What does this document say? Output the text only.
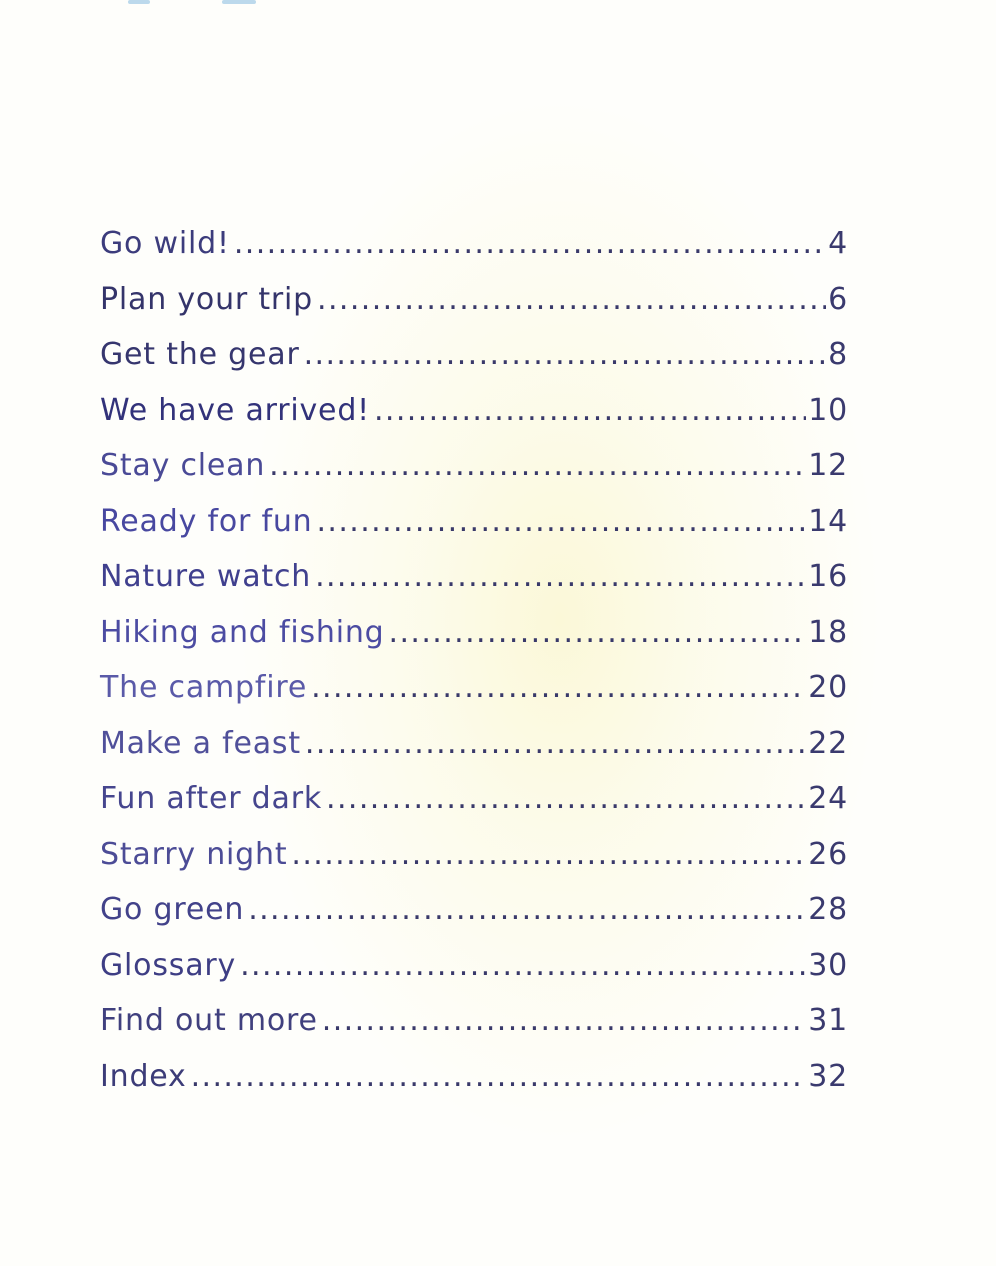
Go wild! .....	4
Plan your trip .....	6
Get the gear .....	8
We have arrived! .....	10
Stay clean .....	12
Ready for fun .....	14
Nature watch .....	16
Hiking and fishing .....	18
The campfire .....	20
Make a feast .....	22
Fun after dark .....	24
Starry night .....	26
Go green .....	28
Glossary .....	30
Find out more .....	31
Index .....	32
